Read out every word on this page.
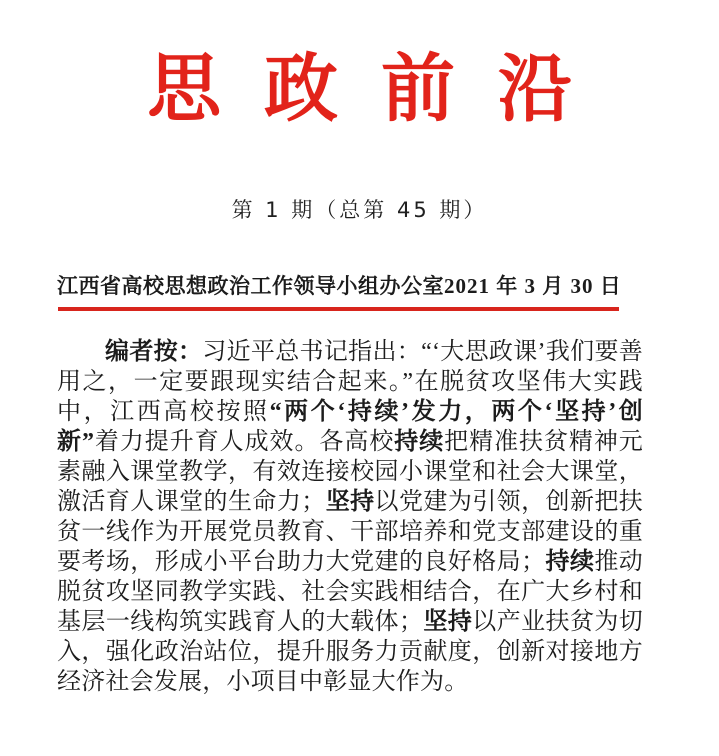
思政前沿
第 1 期（总第 45 期）
江西省高校思想政治工作领导小组办公室 2021 年 3 月 30 日

编者按：习近平总书记指出：“‘大思政课’我们要善用之，一定要跟现实结合起来。”在脱贫攻坚伟大实践中，江西高校按照“两个‘持续’发力，两个‘坚持’创新”着力提升育人成效。各高校持续把精准扶贫精神元素融入课堂教学，有效连接校园小课堂和社会大课堂，激活育人课堂的生命力；坚持以党建为引领，创新把扶贫一线作为开展党员教育、干部培养和党支部建设的重要考场，形成小平台助力大党建的良好格局；持续推动脱贫攻坚同教学实践、社会实践相结合，在广大乡村和基层一线构筑实践育人的大载体；坚持以产业扶贫为切入，强化政治站位，提升服务力贡献度，创新对接地方经济社会发展，小项目中彰显大作为。
